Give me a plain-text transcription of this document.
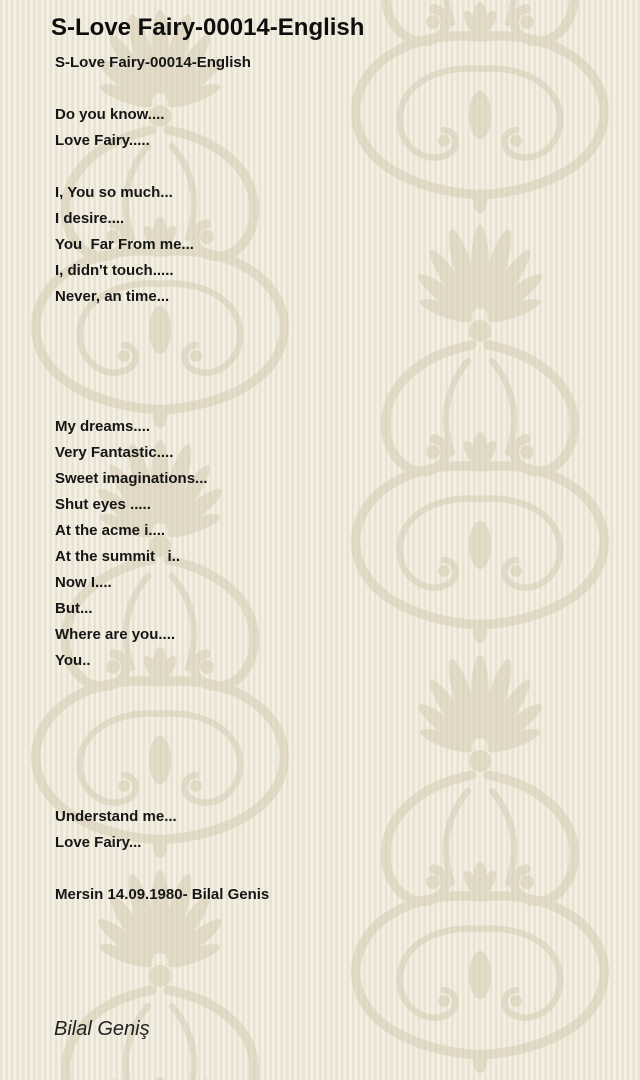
S-Love Fairy-00014-English
S-Love Fairy-00014-English

Do you know....

Love Fairy.....

I, You so much...

I desire....

You  Far From me...

I, didn't touch.....

Never, an time...

My dreams....

Very Fantastic....

Sweet imaginations...

Shut eyes .....

At the acme i....

At the summit   i..

Now I....

But...

Where are you....

You..

Understand me...

Love Fairy...

Mersin 14.09.1980- Bilal Genis

Bilal Geniş
